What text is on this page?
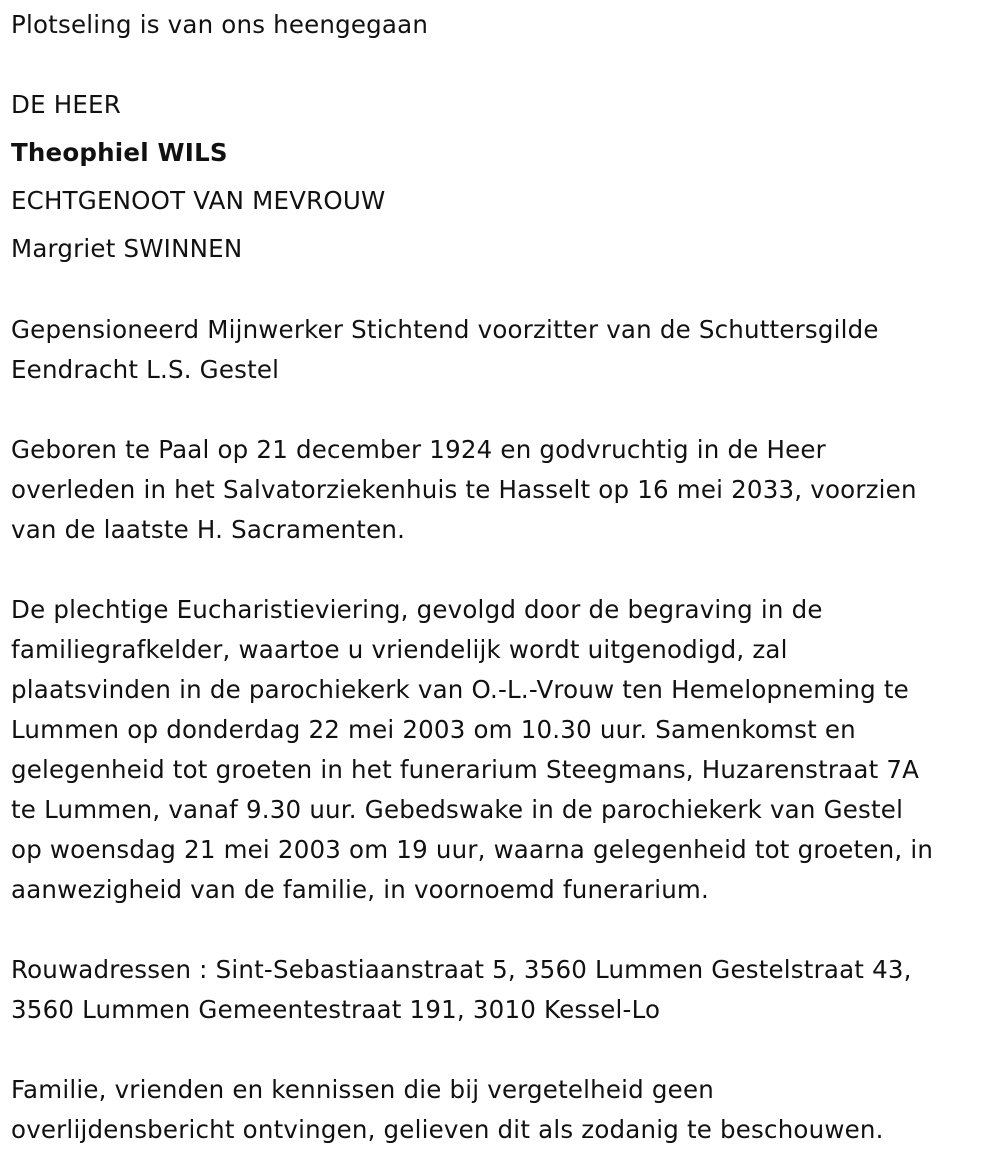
Plotseling is van ons heengegaan
DE HEER
Theophiel WILS
ECHTGENOOT VAN MEVROUW
Margriet SWINNEN
Gepensioneerd Mijnwerker Stichtend voorzitter van de Schuttersgilde
Eendracht L.S. Gestel
Geboren te Paal op 21 december 1924 en godvruchtig in de Heer
overleden in het Salvatorziekenhuis te Hasselt op 16 mei 2033, voorzien
van de laatste H. Sacramenten.
De plechtige Eucharistieviering, gevolgd door de begraving in de
familiegrafkelder, waartoe u vriendelijk wordt uitgenodigd, zal
plaatsvinden in de parochiekerk van O.-L.-Vrouw ten Hemelopneming te
Lummen op donderdag 22 mei 2003 om 10.30 uur. Samenkomst en
gelegenheid tot groeten in het funerarium Steegmans, Huzarenstraat 7A
te Lummen, vanaf 9.30 uur. Gebedswake in de parochiekerk van Gestel
op woensdag 21 mei 2003 om 19 uur, waarna gelegenheid tot groeten, in
aanwezigheid van de familie, in voornoemd funerarium.
Rouwadressen : Sint-Sebastiaanstraat 5, 3560 Lummen Gestelstraat 43,
3560 Lummen Gemeentestraat 191, 3010 Kessel-Lo
Familie, vrienden en kennissen die bij vergetelheid geen
overlijdensbericht ontvingen, gelieven dit als zodanig te beschouwen.
